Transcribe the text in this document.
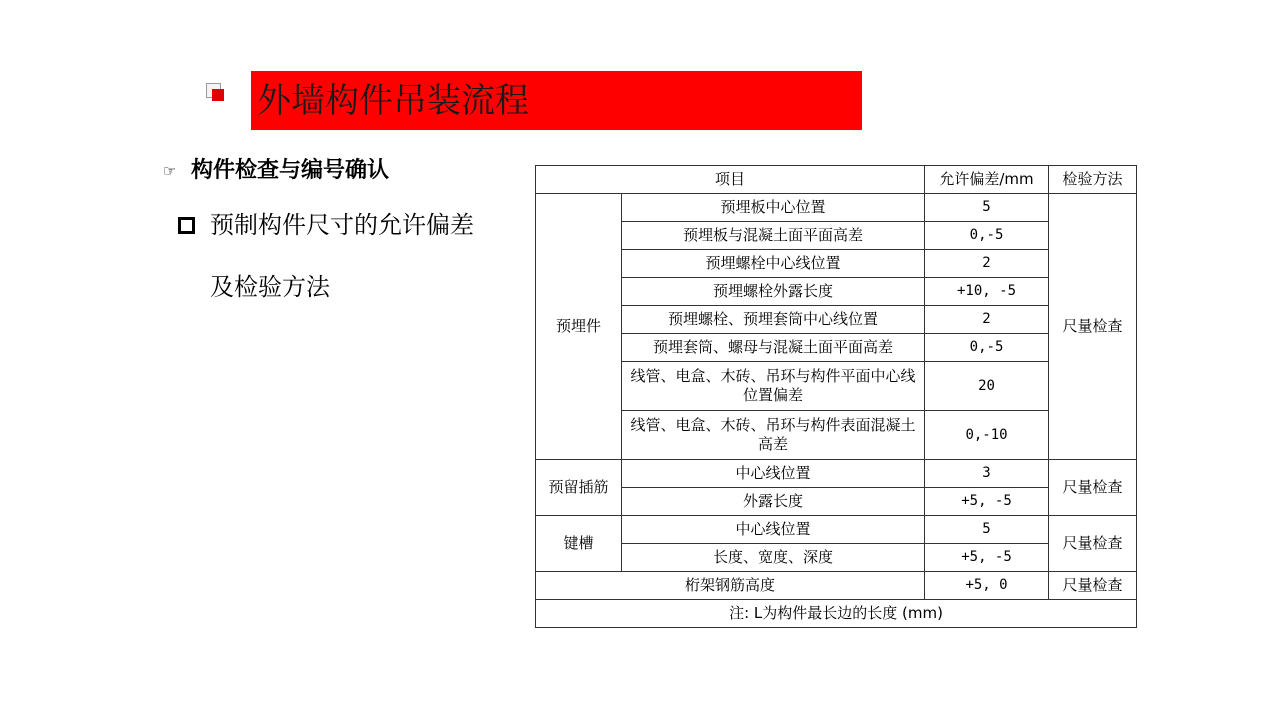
外墙构件吊装流程
☞ 构件检查与编号确认
预制构件尺寸的允许偏差
及检验方法
项目		允许偏差/mm	检验方法
预埋件	预埋板中心位置	5	尺量检查
	预埋板与混凝土面平面高差	0,-5	
	预埋螺栓中心线位置	2	
	预埋螺栓外露长度	+10, -5	
	预埋螺栓、预埋套筒中心线位置	2	
	预埋套筒、螺母与混凝土面平面高差	0,-5	
	线管、电盒、木砖、吊环与构件平面中心线位置偏差	20	
	线管、电盒、木砖、吊环与构件表面混凝土高差	0,-10	
预留插筋	中心线位置	3	尺量检查
	外露长度	+5, -5	
键槽	中心线位置	5	尺量检查
	长度、宽度、深度	+5, -5	
桁架钢筋高度		+5, 0	尺量检查
注: L为构件最长边的长度 (mm)			
